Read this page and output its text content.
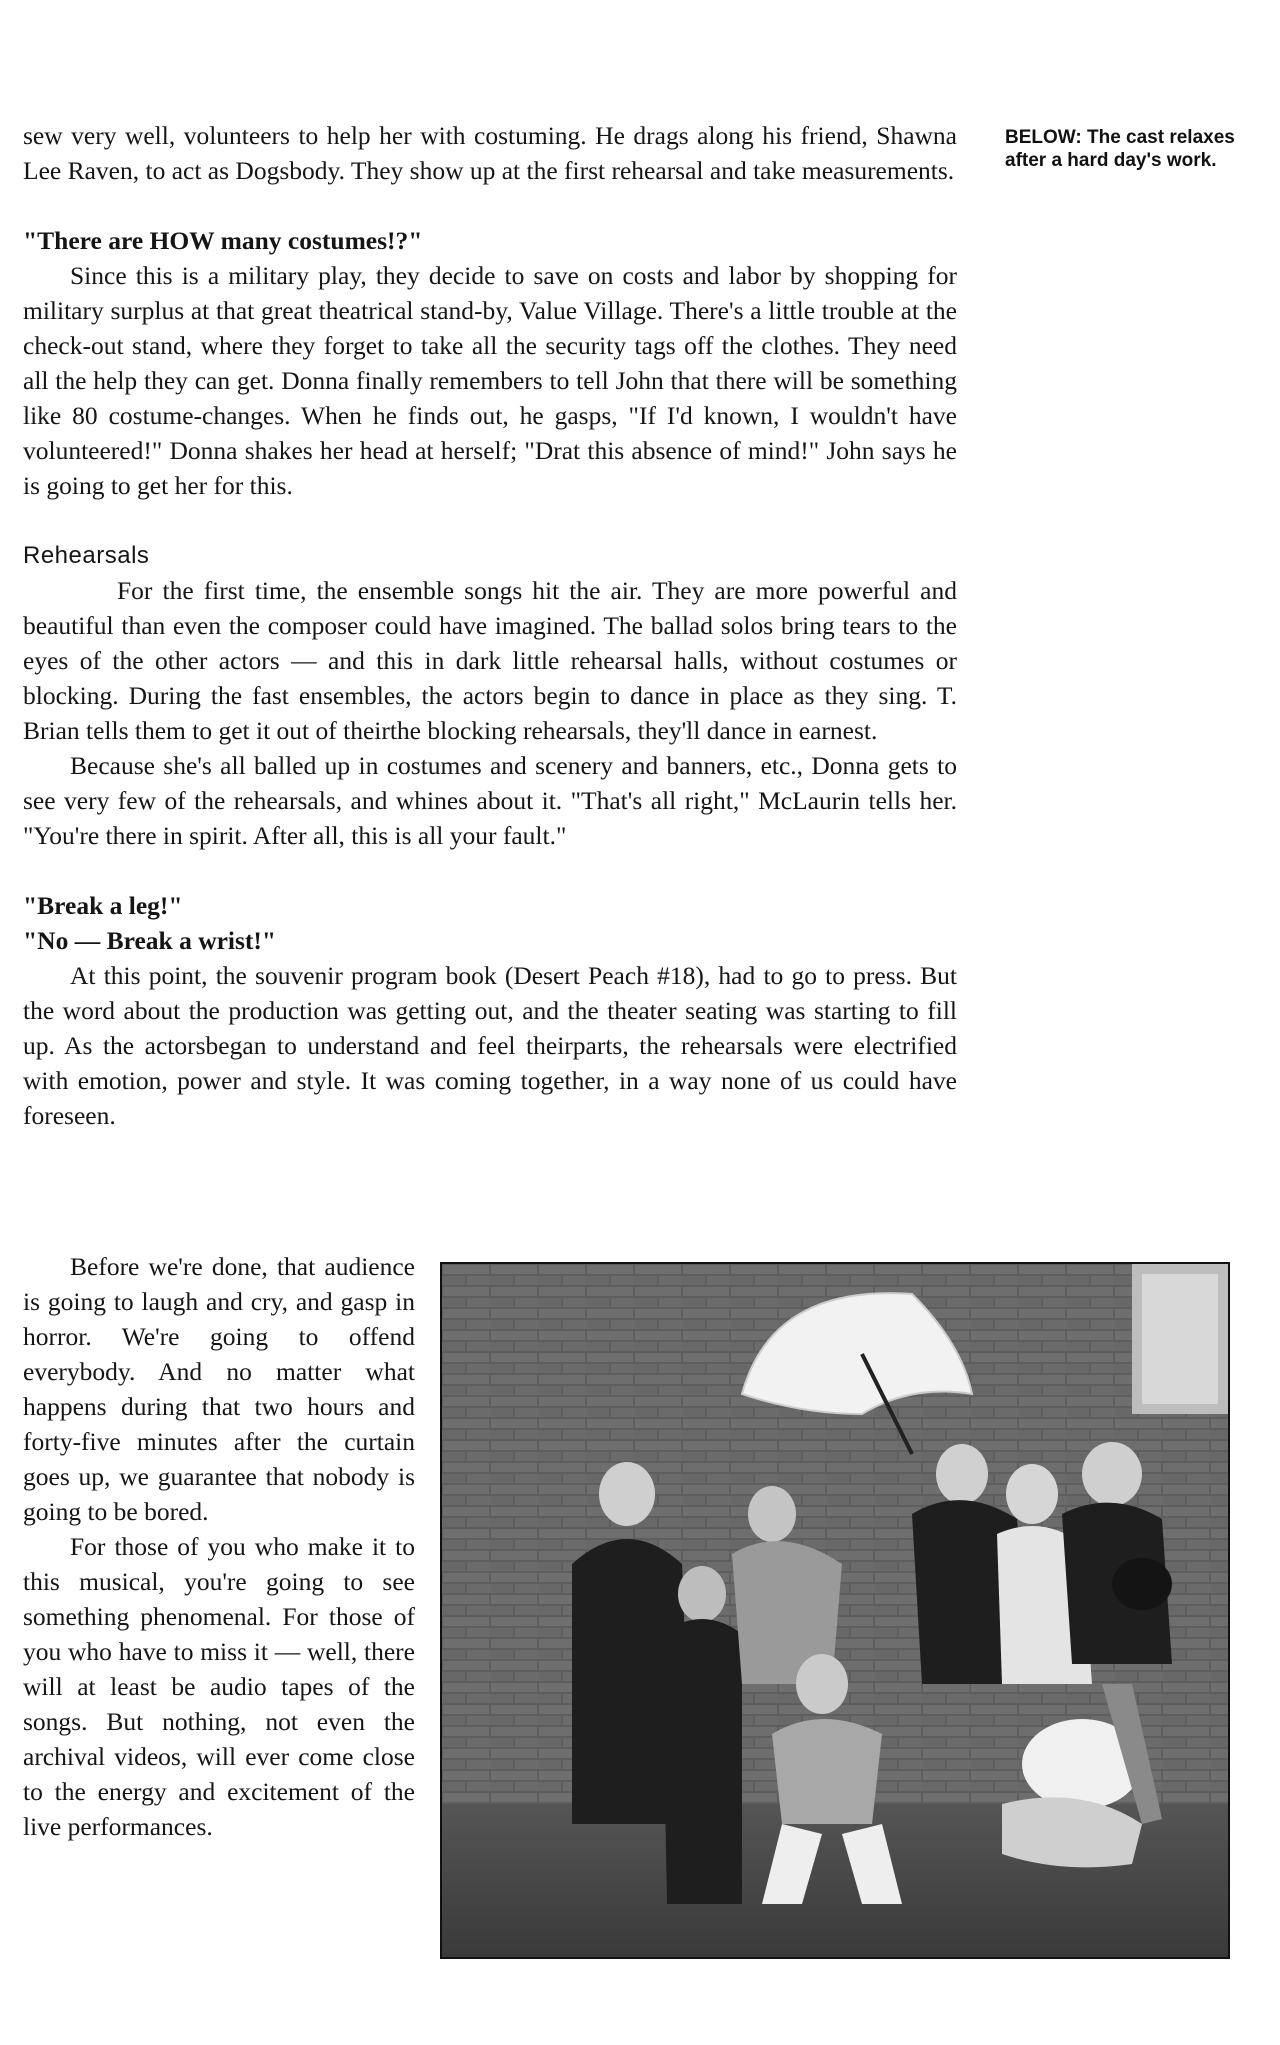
BELOW: The cast relaxes after a hard day's work.

sew very well, volunteers to help her with costuming. He drags along his friend, Shawna Lee Raven, to act as Dogsbody. They show up at the first rehearsal and take measurements.

"There are HOW many costumes!?"

Since this is a military play, they decide to save on costs and labor by shopping for military surplus at that great theatrical stand-by, Value Village. There's a little trouble at the check-out stand, where they forget to take all the security tags off the clothes. They need all the help they can get. Donna finally remembers to tell John that there will be something like 80 costume-changes. When he finds out, he gasps, "If I'd known, I wouldn't have volunteered!" Donna shakes her head at herself; "Drat this absence of mind!" John says he is going to get her for this.

Rehearsals

For the first time, the ensemble songs hit the air. They are more powerful and beautiful than even the composer could have imagined. The ballad solos bring tears to the eyes of the other actors — and this in dark little rehearsal halls, without costumes or blocking. During the fast ensembles, the actors begin to dance in place as they sing. T. Brian tells them to get it out of theirthe blocking rehearsals, they'll dance in earnest.

Because she's all balled up in costumes and scenery and banners, etc., Donna gets to see very few of the rehearsals, and whines about it. "That's all right," McLaurin tells her. "You're there in spirit. After all, this is all your fault."

"Break a leg!"

"No — Break a wrist!"

At this point, the souvenir program book (Desert Peach #18), had to go to press. But the word about the production was getting out, and the theater seating was starting to fill up. As the actorsbegan to understand and feel theirparts, the rehearsals were electrified with emotion, power and style. It was coming together, in a way none of us could have foreseen.

Before we're done, that audience is going to laugh and cry, and gasp in horror. We're going to offend everybody. And no matter what happens during that two hours and forty-five minutes after the curtain goes up, we guarantee that nobody is going to be bored.

For those of you who make it to this musical, you're going to see something phenomenal. For those of you who have to miss it — well, there will at least be audio tapes of the songs. But nothing, not even the archival videos, will ever come close to the energy and excitement of the live performances.
